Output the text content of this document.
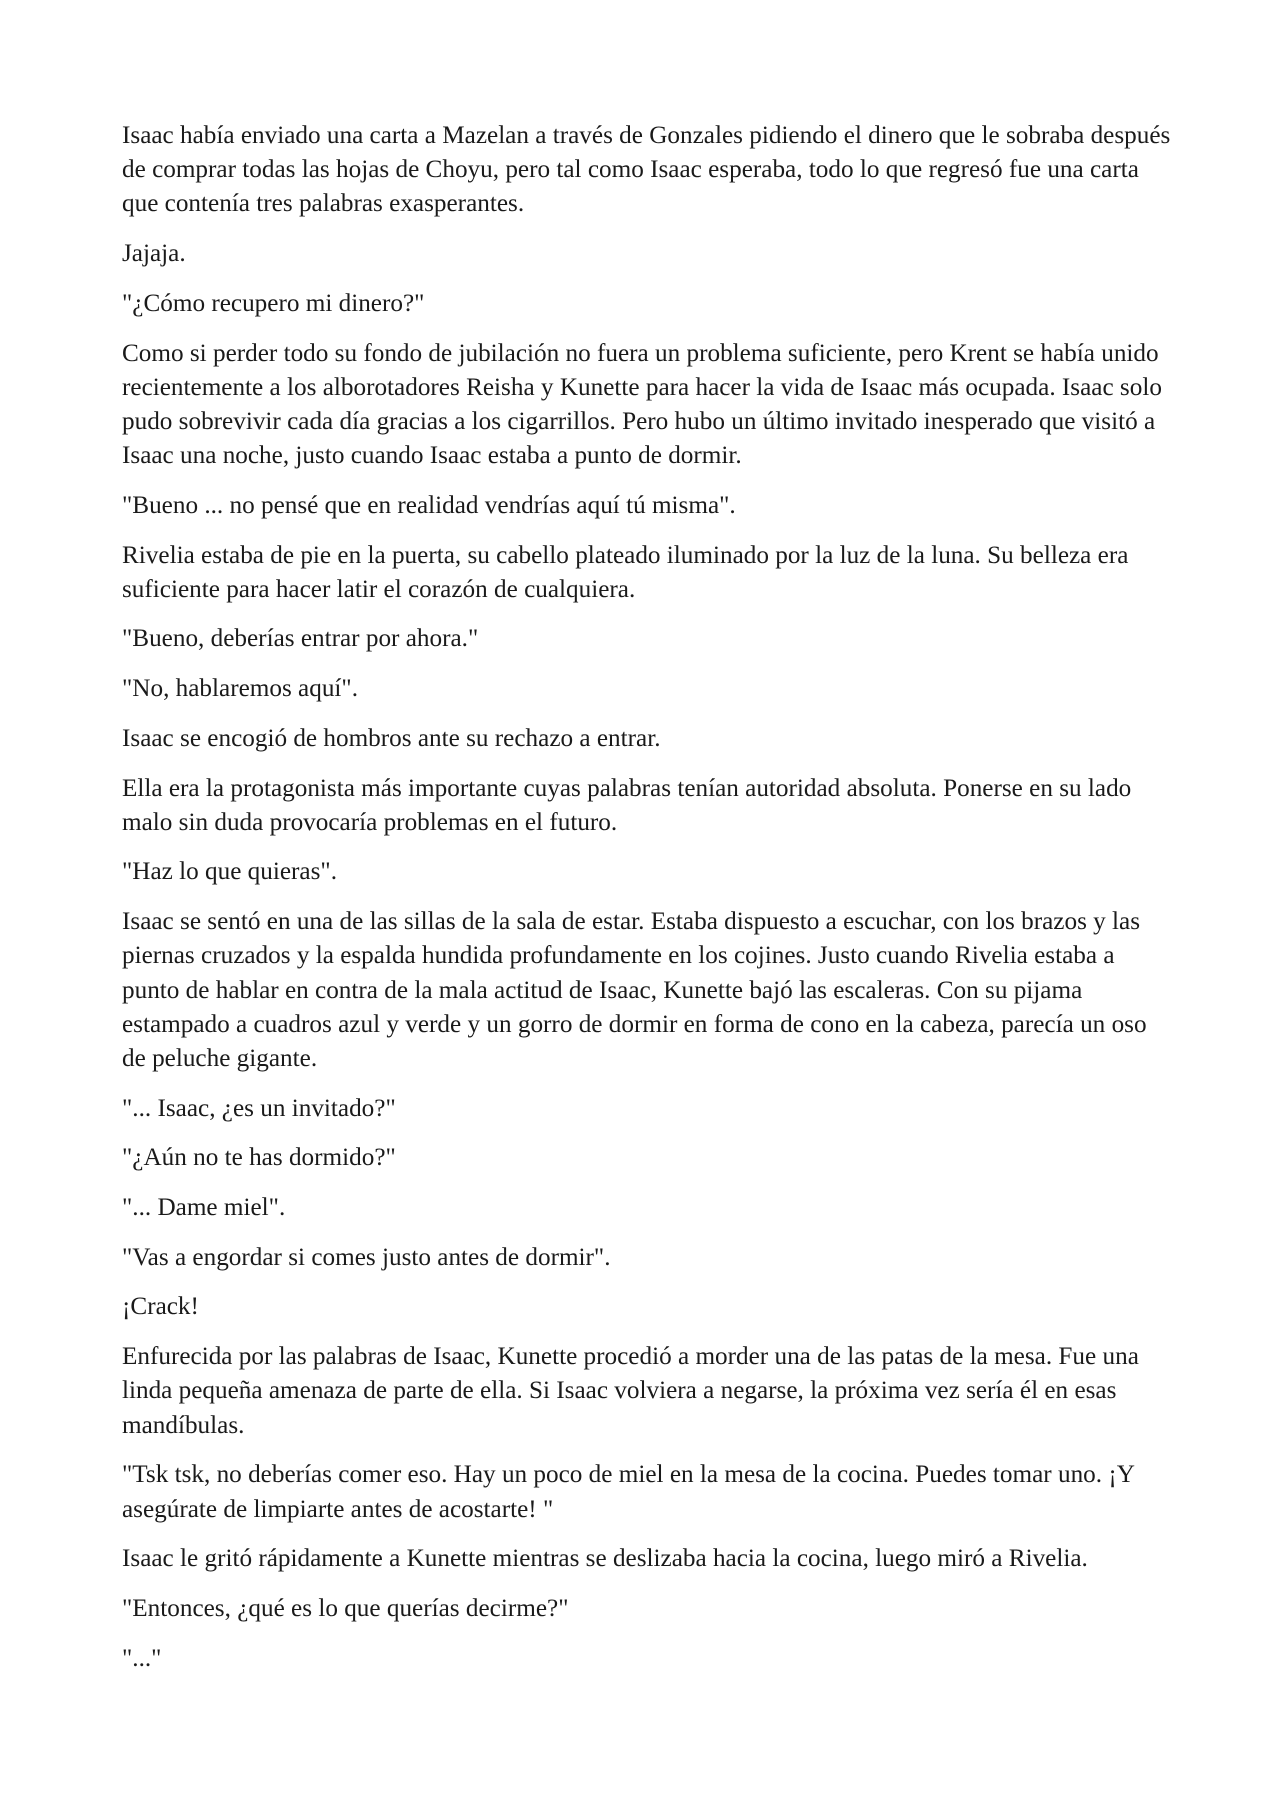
Isaac había enviado una carta a Mazelan a través de Gonzales pidiendo el dinero que le sobraba después de comprar todas las hojas de Choyu, pero tal como Isaac esperaba, todo lo que regresó fue una carta que contenía tres palabras exasperantes.

Jajaja.

"¿Cómo recupero mi dinero?"

Como si perder todo su fondo de jubilación no fuera un problema suficiente, pero Krent se había unido recientemente a los alborotadores Reisha y Kunette para hacer la vida de Isaac más ocupada. Isaac solo pudo sobrevivir cada día gracias a los cigarrillos. Pero hubo un último invitado inesperado que visitó a Isaac una noche, justo cuando Isaac estaba a punto de dormir.

"Bueno ... no pensé que en realidad vendrías aquí tú misma".

Rivelia estaba de pie en la puerta, su cabello plateado iluminado por la luz de la luna. Su belleza era suficiente para hacer latir el corazón de cualquiera.

"Bueno, deberías entrar por ahora."

"No, hablaremos aquí".

Isaac se encogió de hombros ante su rechazo a entrar.

Ella era la protagonista más importante cuyas palabras tenían autoridad absoluta. Ponerse en su lado malo sin duda provocaría problemas en el futuro.

"Haz lo que quieras".

Isaac se sentó en una de las sillas de la sala de estar. Estaba dispuesto a escuchar, con los brazos y las piernas cruzados y la espalda hundida profundamente en los cojines. Justo cuando Rivelia estaba a punto de hablar en contra de la mala actitud de Isaac, Kunette bajó las escaleras. Con su pijama estampado a cuadros azul y verde y un gorro de dormir en forma de cono en la cabeza, parecía un oso de peluche gigante.

"... Isaac, ¿es un invitado?"

"¿Aún no te has dormido?"

"... Dame miel".

"Vas a engordar si comes justo antes de dormir".

¡Crack!

Enfurecida por las palabras de Isaac, Kunette procedió a morder una de las patas de la mesa. Fue una linda pequeña amenaza de parte de ella. Si Isaac volviera a negarse, la próxima vez sería él en esas mandíbulas.

"Tsk tsk, no deberías comer eso. Hay un poco de miel en la mesa de la cocina. Puedes tomar uno. ¡Y asegúrate de limpiarte antes de acostarte! "

Isaac le gritó rápidamente a Kunette mientras se deslizaba hacia la cocina, luego miró a Rivelia.

"Entonces, ¿qué es lo que querías decirme?"

"..."
